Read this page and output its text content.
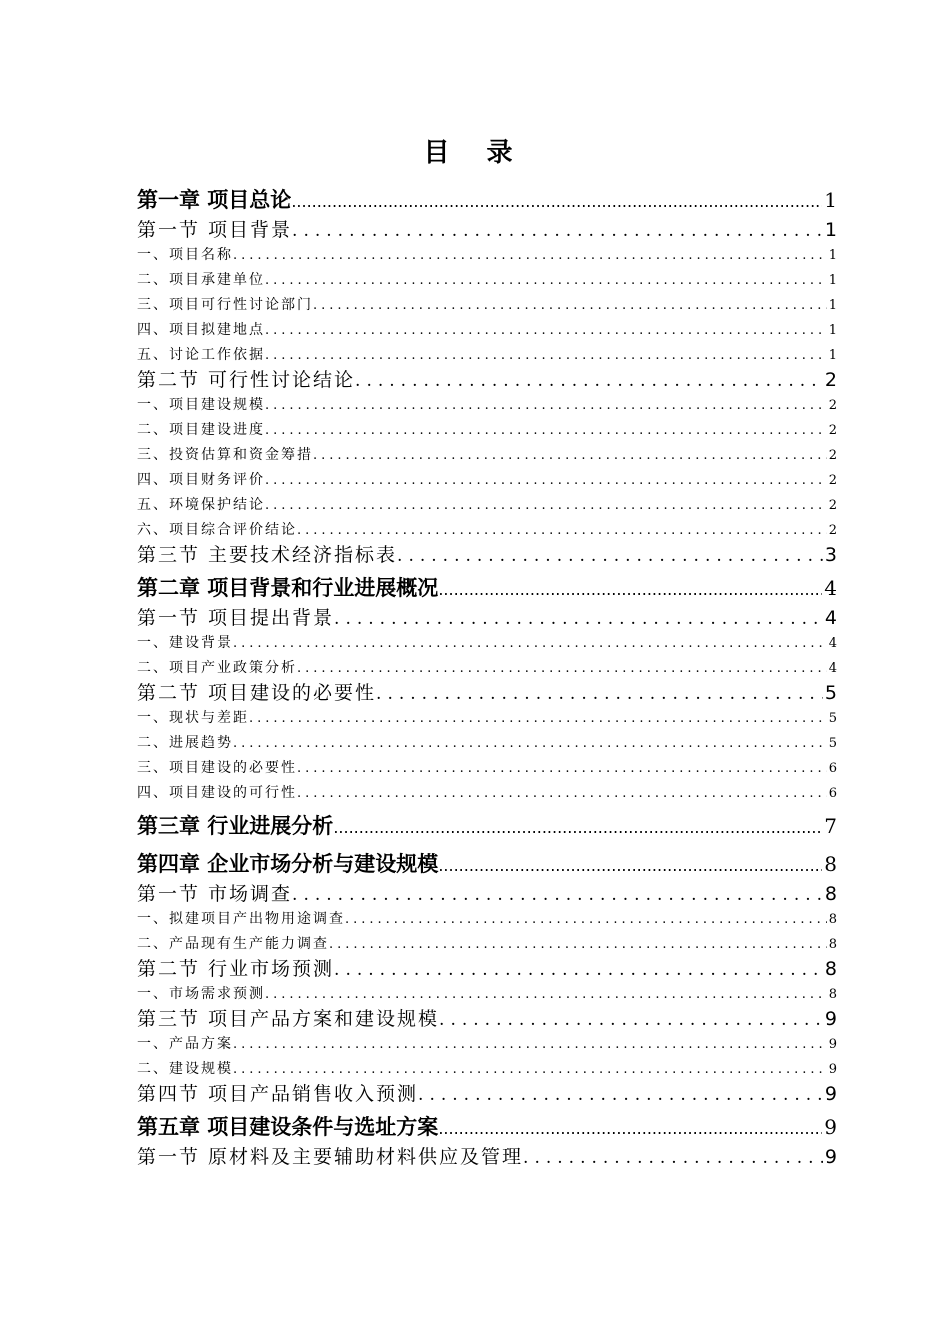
目 录
第一章 项目总论 .....	1
第一节 项目背景 .....	1
一、项目名称 .....	1
二、项目承建单位 .....	1
三、项目可行性讨论部门 .....	1
四、项目拟建地点 .....	1
五、讨论工作依据 .....	1
第二节 可行性讨论结论 .....	2
一、项目建设规模 .....	2
二、项目建设进度 .....	2
三、投资估算和资金筹措 .....	2
四、项目财务评价 .....	2
五、环境保护结论 .....	2
六、项目综合评价结论 .....	2
第三节 主要技术经济指标表 .....	3
第二章 项目背景和行业进展概况 .....	4
第一节 项目提出背景 .....	4
一、建设背景 .....	4
二、项目产业政策分析 .....	4
第二节 项目建设的必要性 .....	5
一、现状与差距 .....	5
二、进展趋势 .....	5
三、项目建设的必要性 .....	6
四、项目建设的可行性 .....	6
第三章 行业进展分析 .....	7
第四章 企业市场分析与建设规模 .....	8
第一节 市场调查 .....	8
一、拟建项目产出物用途调查 .....	8
二、产品现有生产能力调查 .....	8
第二节 行业市场预测 .....	8
一、市场需求预测 .....	8
第三节 项目产品方案和建设规模 .....	9
一、产品方案 .....	9
二、建设规模 .....	9
第四节 项目产品销售收入预测 .....	9
第五章 项目建设条件与选址方案 .....	9
第一节 原材料及主要辅助材料供应及管理 .....	9
